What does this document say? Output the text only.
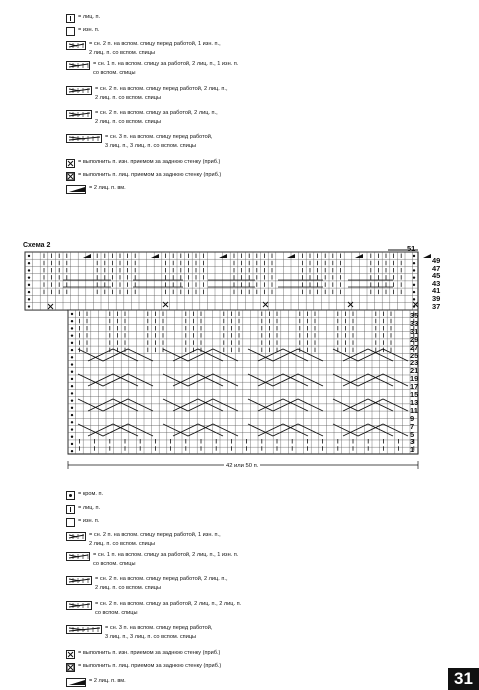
= лиц. п.
= изн. п.
= сн. 2 п. на вспом. спицу перед работой, 1 изн. п.,
2 лиц. п. со вспом. спицы
= сн. 1 п. на вспом. спицу за работой, 2 лиц. п., 1 изн. п.
со вспом. спицы
= сн. 2 п. на вспом. спицу перед работой, 2 лиц. п.,
2 лиц. п. со вспом. спицы
= сн. 2 п. на вспом. спицу за работой, 2 лиц. п.,
2 лиц. п. со вспом. спицы
= сн. 3 п. на вспом. спицу перед работой,
3 лиц. п., 3 лиц. п. со вспом. спицы
= выполнить п. изн. приемом за заднюю стенку (приб.)
= выполнить п. лиц. приемом за заднюю стенку (приб.)
= 2 лиц. п. вм.
Схема 2	51
49
47
45
43
41
39
37
35
33
31
29
27
25
23
21
19
17
15
13
11
9
7
5
3
1
42 или 50 п.
= кром. п.
= лиц. п.
= изн. п.
= сн. 2 п. на вспом. спицу перед работой, 1 изн. п.,
2 лиц. п. со вспом. спицы
= сн. 1 п. на вспом. спицу за работой, 2 лиц. п., 1 изн. п.
со вспом. спицы
= сн. 2 п. на вспом. спицу перед работой, 2 лиц. п.,
2 лиц. п. со вспом. спицы
= сн. 2 п. на вспом. спицу за работой, 2 лиц. п., 2 лиц. п.
со вспом. спицы
= сн. 3 п. на вспом. спицу перед работой,
3 лиц. п., 3 лиц. п. со вспом. спицы
= выполнить п. изн. приемом за заднюю стенку (приб.)
= выполнить п. лиц. приемом за заднюю стенку (приб.)
= 2 лиц. п. вм.	31
